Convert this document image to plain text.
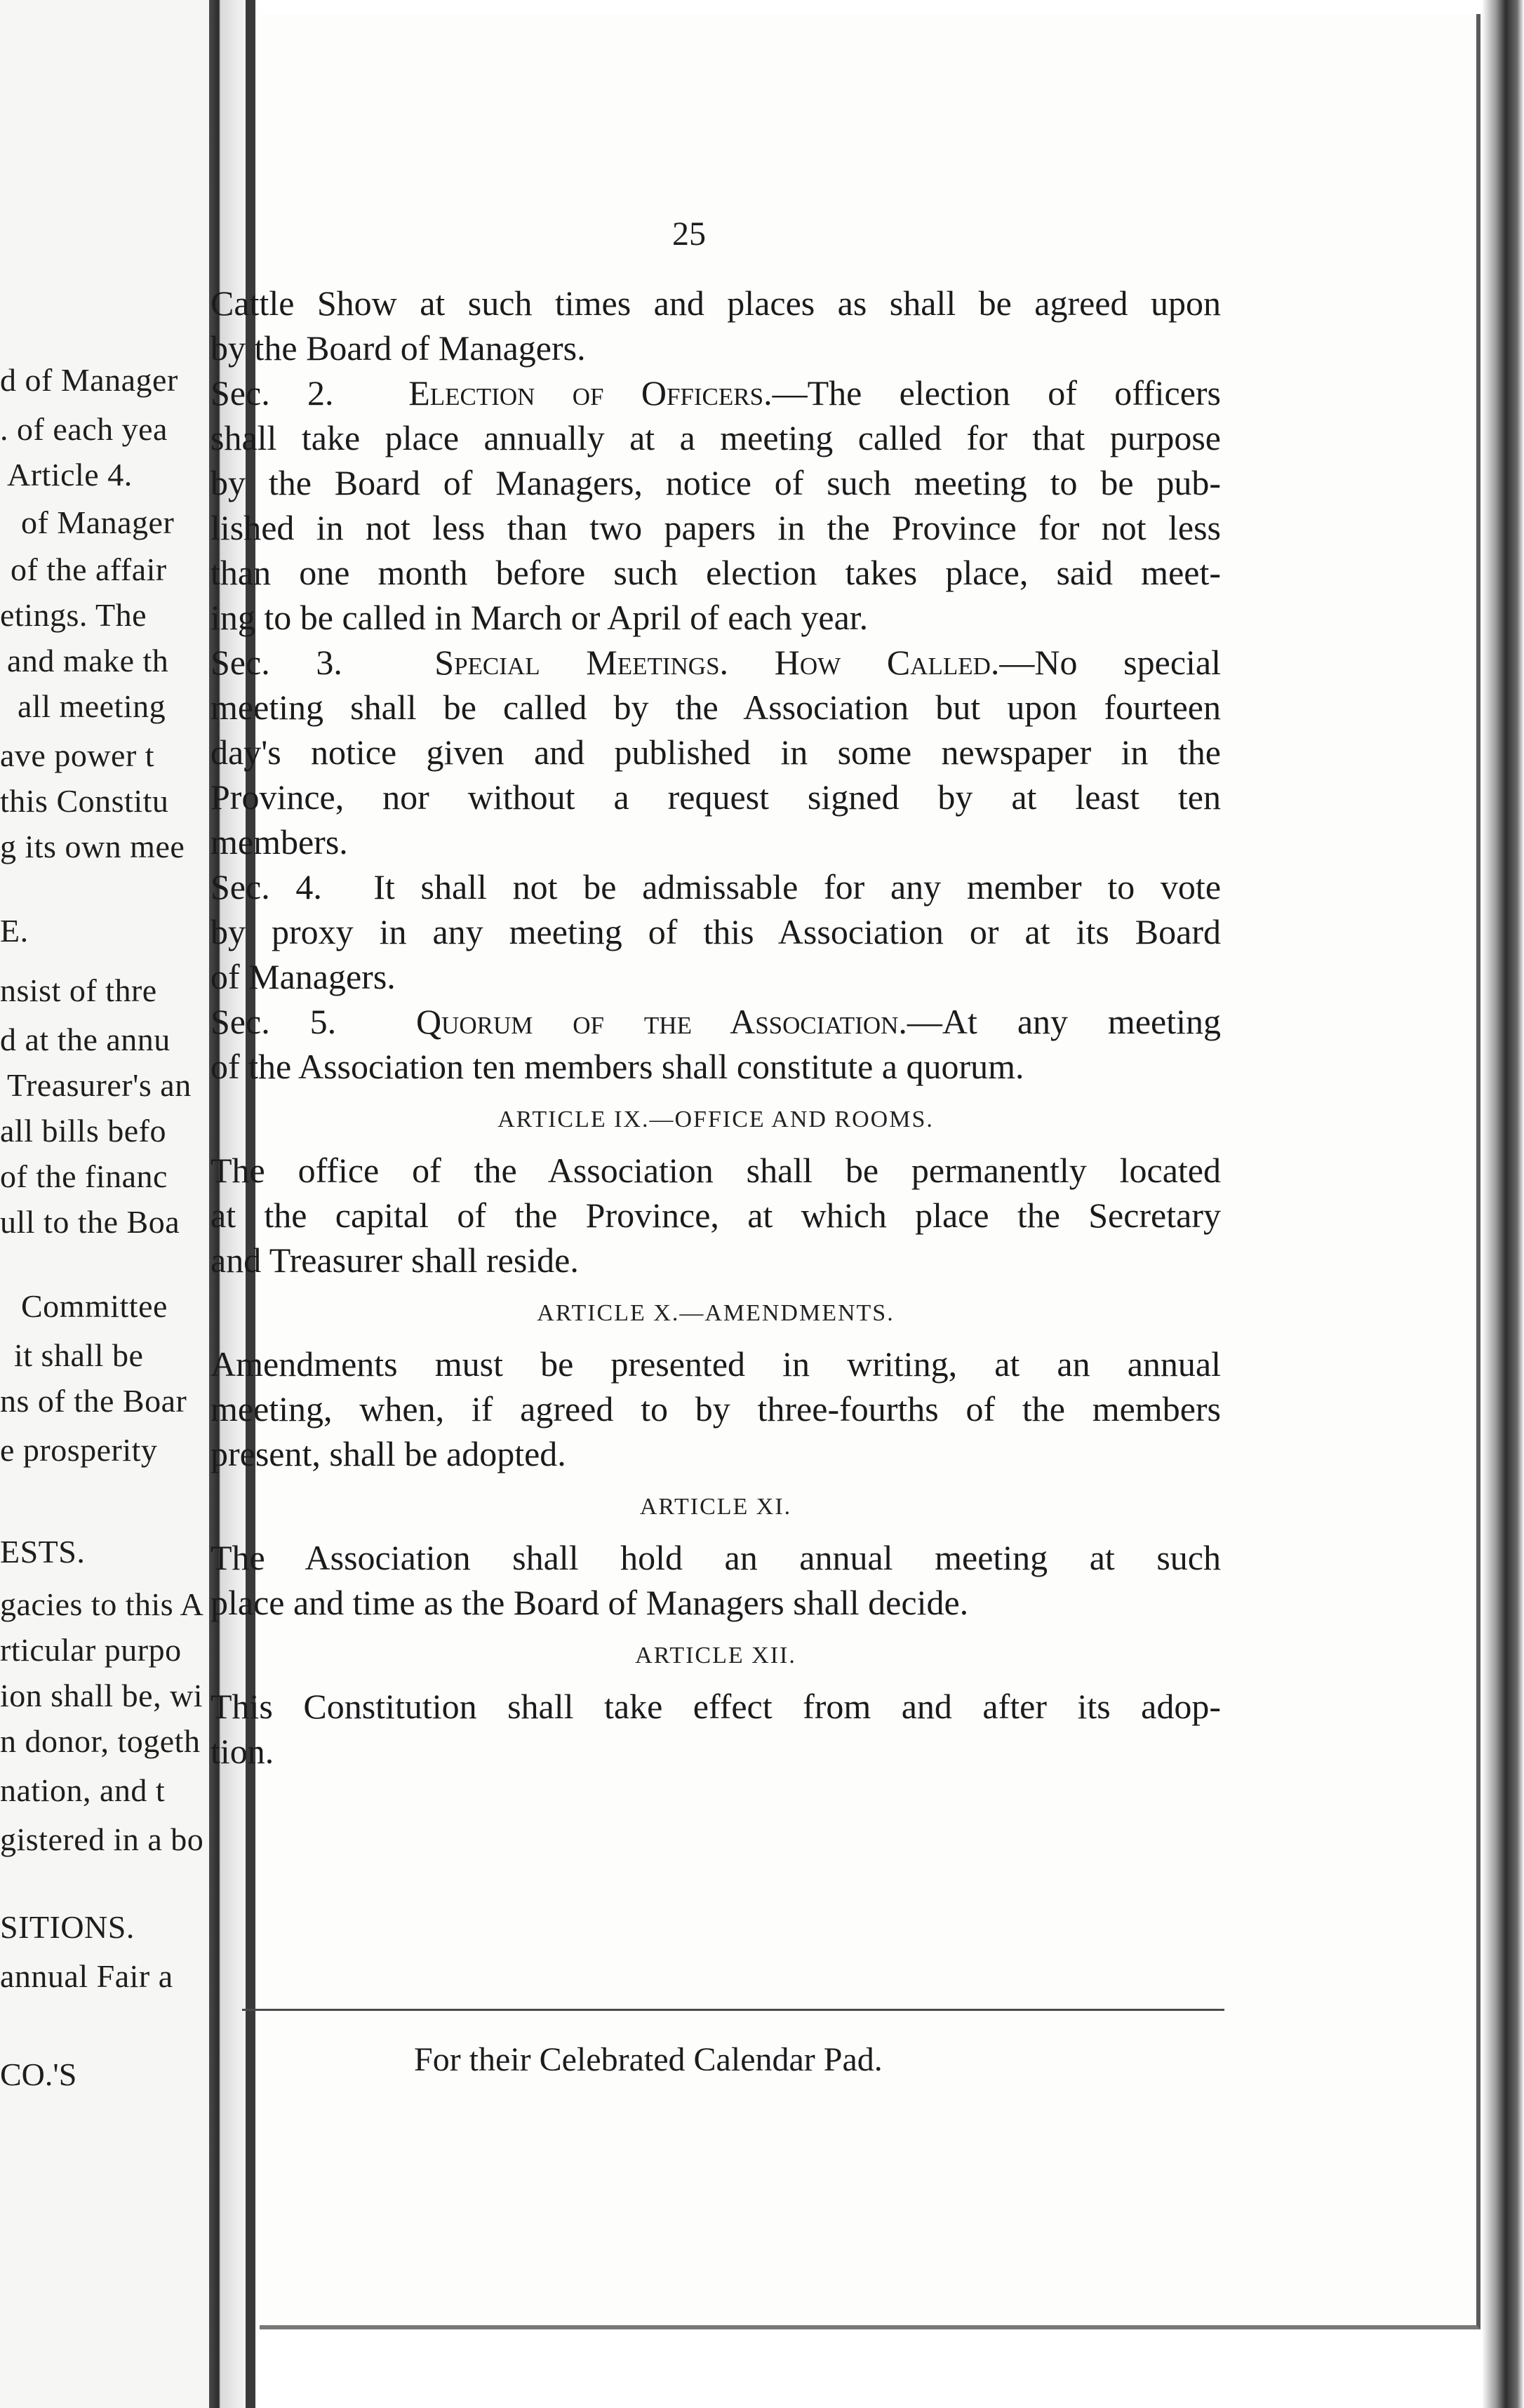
d of Manager
. of each yea
Article 4.
of Manager
of the affair
etings. The
and make th
all meeting
ave power t
this Constitu
g its own mee
E.
nsist of thre
d at the annu
Treasurer's an
all bills befo
of the financ
ull to the Boa
Committee
it shall be
ns of the Boar
e prosperity
ESTS.
gacies to this A
rticular purpo
ion shall be, wi
n donor, togeth
nation, and t
gistered in a bo
SITIONS.
annual Fair a
CO.'S
25
Cattle Show at such times and places as shall be agreed upon
by the Board of Managers.
Sec. 2. Election of Officers.—The election of officers
shall take place annually at a meeting called for that purpose
by the Board of Managers, notice of such meeting to be pub-
lished in not less than two papers in the Province for not less
than one month before such election takes place, said meet-
ing to be called in March or April of each year.
Sec. 3.	Special Meetings. How Called.—No special
meeting shall be called by the Association but upon fourteen
day's notice given and published in some newspaper in the
Province, nor without a request signed by at least ten
members.
Sec. 4. It shall not be admissable for any member to vote
by proxy in any meeting of this Association or at its Board
of Managers.
Sec. 5. Quorum of the Association.—At any meeting
of the Association ten members shall constitute a quorum.
ARTICLE IX.—OFFICE AND ROOMS.
The office of the Association shall be permanently located
at the capital of the Province, at which place the Secretary
and Treasurer shall reside.
ARTICLE X.—AMENDMENTS.
Amendments must be presented in writing, at an annual
meeting, when, if agreed to by three-fourths of the members
present, shall be adopted.
ARTICLE XI.
The Association shall hold an annual meeting at such
place and time as the Board of Managers shall decide.
ARTICLE XII.
This Constitution shall take effect from and after its adop-
tion.
For their Celebrated Calendar Pad.
